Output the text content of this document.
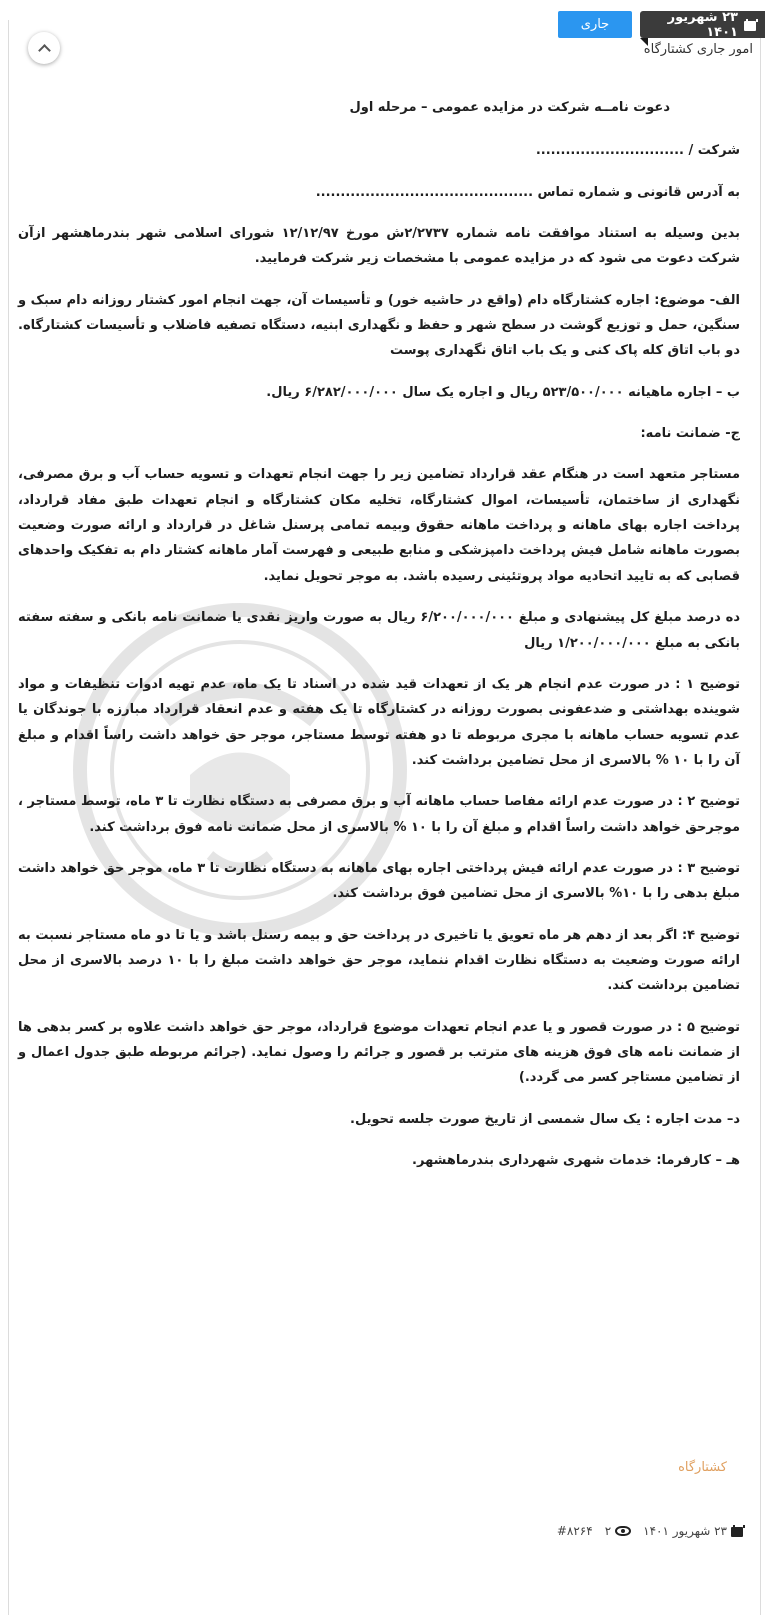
۲۳ شهریور ۱۴۰۱
جاری
امور جاری کشتارگاه

دعوت نامــه شرکت در مزایده عمومی – مرحله اول

شرکت / ..............................

به آدرس قانونی و شماره تماس ............................................

بدین وسیله به استناد موافقت نامه شماره ۲/۲۷۳۷ش مورخ ۱۲/۱۲/۹۷ شورای اسلامی شهر بندرماهشهر ازآن شرکت دعوت می شود که در مزایده عمومی با مشخصات زیر شرکت فرمایید.

الف- موضوع: اجاره کشتارگاه دام (واقع در حاشیه خور) و تأسیسات آن، جهت انجام امور کشتار روزانه دام سبک و سنگین، حمل و توزیع گوشت در سطح شهر و حفظ و نگهداری ابنیه، دستگاه تصفیه فاضلاب و تأسیسات کشتارگاه. دو باب اتاق کله پاک کنی و یک باب اتاق نگهداری پوست

ب – اجاره ماهیانه ۵۲۳/۵۰۰/۰۰۰ ریال و اجاره یک سال ۶/۲۸۲/۰۰۰/۰۰۰ ریال.

ج- ضمانت نامه:

مستاجر متعهد است در هنگام عقد قرارداد تضامین زیر را جهت انجام تعهدات و تسویه حساب آب و برق مصرفی، نگهداری از ساختمان، تأسیسات، اموال کشتارگاه، تخلیه مکان کشتارگاه و انجام تعهدات طبق مفاد قرارداد، پرداخت اجاره بهای ماهانه و پرداخت ماهانه حقوق وبیمه تمامی پرسنل شاغل در قرارداد و ارائه صورت وضعیت بصورت ماهانه شامل فیش پرداخت دامپزشکی و منابع طبیعی و فهرست آمار ماهانه کشتار دام به تفکیک واحدهای قصابی که به تایید اتحادیه مواد پروتئینی رسیده باشد. به موجر تحویل نماید.

ده درصد مبلغ کل پیشنهادی و مبلغ ۶/۲۰۰/۰۰۰/۰۰۰ ریال به صورت واریز نقدی یا ضمانت نامه بانکی و سفته سفته بانکی به مبلغ ۱/۲۰۰/۰۰۰/۰۰۰ ریال

توضیح ۱ : در صورت عدم انجام هر یک از تعهدات قید شده در اسناد تا یک ماه، عدم تهیه ادوات تنظیفات و مواد شوینده بهداشتی و ضدعفونی بصورت روزانه در کشتارگاه تا یک هفته و عدم انعقاد قرارداد مبارزه با جوندگان یا عدم تسویه حساب ماهانه با مجری مربوطه تا دو هفته توسط مستاجر، موجر حق خواهد داشت راساً اقدام و مبلغ آن را با ۱۰ % بالاسری از محل تضامین برداشت کند.

توضیح ۲ : در صورت عدم ارائه مفاصا حساب ماهانه آب و برق مصرفی به دستگاه نظارت تا ۳ ماه، توسط مستاجر ، موجرحق خواهد داشت راساً اقدام و مبلغ آن را با ۱۰ % بالاسری از محل ضمانت نامه فوق برداشت کند.

توضیح ۳ : در صورت عدم ارائه فیش پرداختی اجاره بهای ماهانه به دستگاه نظارت تا ۳ ماه، موجر حق خواهد داشت مبلغ بدهی را با ۱۰% بالاسری از محل تضامین فوق برداشت کند.

توضیح ۴: اگر بعد از دهم هر ماه تعویق یا تاخیری در پرداخت حق و بیمه رسنل باشد و یا تا دو ماه مستاجر نسبت به ارائه صورت وضعیت به دستگاه نظارت اقدام ننماید، موجر حق خواهد داشت مبلغ را با ۱۰ درصد بالاسری از محل تضامین برداشت کند.

توضیح ۵ : در صورت قصور و یا عدم انجام تعهدات موضوع قرارداد، موجر حق خواهد داشت علاوه بر کسر بدهی ها از ضمانت نامه های فوق هزینه های مترتب بر قصور و جرائم را وصول نماید. (جرائم مربوطه طبق جدول اعمال و از تضامین مستاجر کسر می گردد.)

د– مدت اجاره : یک سال شمسی از تاریخ صورت جلسه تحویل.

هـ – کارفرما: خدمات شهری شهرداری بندرماهشهر.

کشتارگاه
۲۳ شهریور ۱۴۰۱
۲
#۸۲۶۴
